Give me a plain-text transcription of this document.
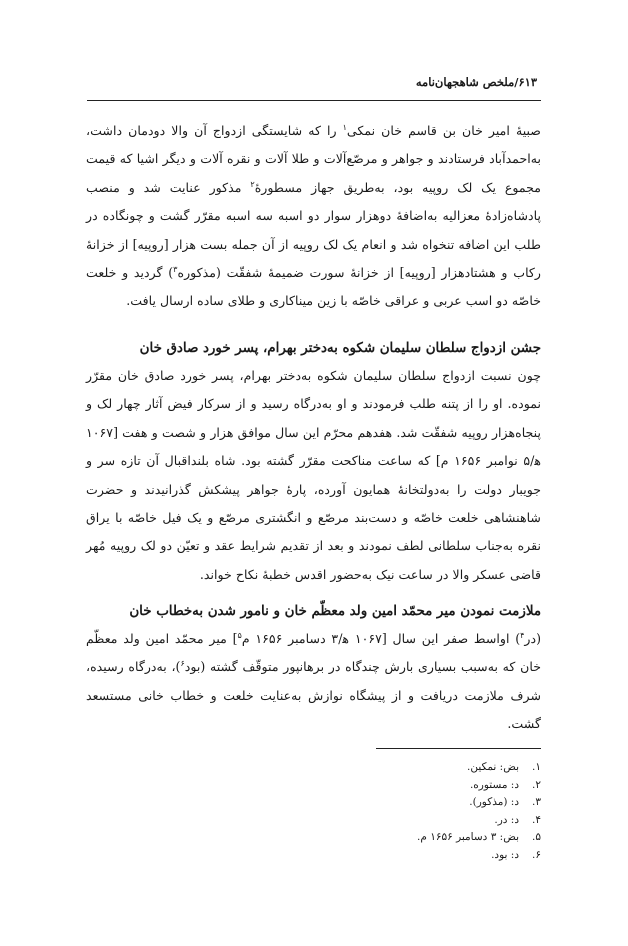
۶۱۳/ملخص شاهجهان‌نامه

صبیهٔ امیر خان بن قاسم خان نمکی$^۱$ را که شایستگی ازدواج آن والا دودمان داشت، به‌احمدآباد فرستادند و جواهر و مرصّع‌آلات و طلا آلات و نقره آلات و دیگر اشیا که قیمت مجموع یک لک روپیه بود، به‌طریق جهاز مسطورهٔ$^۲$ مذکور عنایت شد و منصب پادشاه‌زادهٔ معزالیه به‌اضافهٔ دوهزار سوار دو اسبه سه اسبه مقرّر گشت و چونگاده در طلب این اضافه تنخواه شد و انعام یک لک روپیه از آن جمله بست هزار [روپیه] از خزانهٔ رکاب و هشتادهزار [روپیه] از خزانهٔ سورت ضمیمهٔ شفقّت (مذکوره$^۳$) گردید و خلعت خاصّه دو اسب عربی و عراقی خاصّه با زین میناکاری و طلای ساده ارسال یافت.

جشن ازدواج سلطان سلیمان شکوه به‌دختر بهرام، پسر خورد صادق خان

چون نسبت ازدواج سلطان سلیمان شکوه به‌دختر بهرام، پسر خورد صادق خان مقرّر نموده. او را از پتنه طلب فرمودند و او به‌درگاه رسید و از سرکار فیض آثار چهار لک و پنجاه‌هزار روپیه شفقّت شد. هفدهم محرّم این سال موافق هزار و شصت و هفت [۱۰۶۷ ه‍/۵ نوامبر ۱۶۵۶ م] که ساعت مناکحت مقرّر گشته بود. شاه بلنداقبال آن تازه سر و جویبار دولت را به‌دولتخانهٔ همایون آورده، پارهٔ جواهر پیشکش گذرانیدند و حضرت شاهنشاهی خلعت خاصّه و دست‌بند مرصّع و انگشتری مرصّع و یک فیل خاصّه با یراق نقره به‌جناب سلطانی لطف نمودند و بعد از تقدیم شرایط عقد و تعیّن دو لک روپیه مُهر قاضی عسکر والا در ساعت نیک به‌حضور اقدس خطبهٔ نکاح خواند.

ملازمت نمودن میر محمّد امین ولد معظّم خان و نامور شدن به‌خطاب خان

(در$^۴$) اواسط صفر این سال [۱۰۶۷ ه‍/۳ دسامبر ۱۶۵۶ م$^۵$] میر محمّد امین ولد معظّم خان که به‌سبب بسیاری بارش چندگاه در برهانپور متوقّف گشته (بود$^۶$)، به‌درگاه رسیده، شرف ملازمت دریافت و از پیشگاه نوازش به‌عنایت خلعت و خطاب خانی مستسعد گشت.

۱.بض: نمکین.
۲.د: مستوره.
۳.د: (مذکور).
۴.د: در.
۵.بض: ۳ دسامبر ۱۶۵۶ م.
۶.د: بود.
